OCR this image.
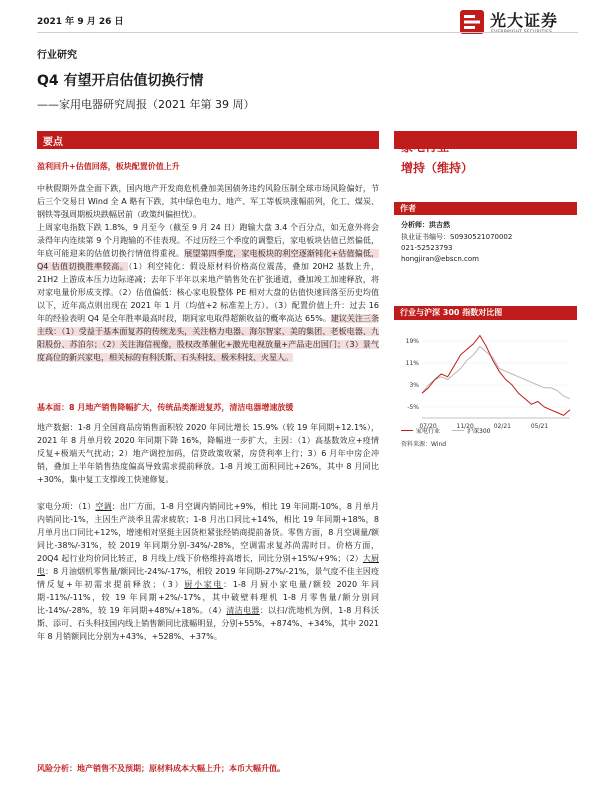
2021 年 9 月 26 日	光大证券
行业研究
Q4 有望开启估值切换行情
——家用电器研究周报（2021 年第 39 周）
要点
盈利回升+估值回落，板块配置价值上升

中秋假期外盘全面下跌，国内地产开发商危机叠加美国债务违约风险压制全球市场风险偏好，节后三个交易日 Wind 全 A 略有下跌，其中绿色电力、地产、军工等板块涨幅前列，化工、煤炭、钢铁等强周期板块跌幅居前（政策纠偏担忧）。

上周家电指数下跌 1.8%，9 月至今（截至 9 月 24 日）跑输大盘 3.4 个百分点，如无意外将会录得年内连续第 9 个月跑输的不佳表现。不过历经三个季度的调整后，家电板块估值已然偏低，年底可能迎来的估值切换行情值得重视。展望第四季度，家电板块的利空逐渐钝化+估值偏低，Q4 估值切换胜率较高。（1）利空钝化：假设原材料价格高位震荡，叠加 20H2 基数上升，21H2 上游成本压力边际递减；去年下半年以来地产销售处在扩张通道，叠加竣工加速释放，将对家电量价形成支撑。（2）估值偏低：核心家电股整体 PE 相对大盘的估值快速回落至历史均值以下，近年高点则出现在 2021 年 1 月（均值+2 标准差上方）。（3）配置价值上升：过去 16 年的经验表明 Q4 是全年胜率最高时段，期间家电取得超额收益的概率高达 65%。建议关注三条主线：（1）受益于基本面复苏的传统龙头，关注格力电器、海尔智家、美的集团、老板电器、九阳股份、苏泊尔；（2）关注海信视像，股权改革催化+激光电视放量+产品走出国门；（3）景气度高位的新兴家电，相关标的有科沃斯、石头科技、极米科技、火星人。

基本面：8 月地产销售降幅扩大，传统品类渐进复苏，清洁电器增速放缓

地产数据：1-8 月全国商品房销售面积较 2020 年同比增长 15.9%（较 19 年同期+12.1%），2021 年 8 月单月较 2020 年同期下降 16%，降幅进一步扩大，主因：（1）高基数效应+疫情反复+极端天气扰动；2）地产调控加码，信贷政策收紧，房贷利率上行；3）6 月年中房企冲销，叠加上半年销售热度偏高导致需求提前释放。1-8 月竣工面积同比+26%，其中 8 月同比+30%，集中复工支撑竣工快速修复。

家电分项：（1）空调：出厂方面，1-8 月空调内销同比+9%，相比 19 年同期-10%，8 月单月内销同比-1%，主因生产淡季且需求疲软；1-8 月出口同比+14%，相比 19 年同期+18%，8 月单月出口同比+12%，增速相对坚挺主因货柜紧张经销商提前备货。零售方面，8 月空调量/额同比-38%/-31%，较 2019 年同期分别-34%/-28%，空调需求复苏尚需时日。价格方面，20Q4 起行业均价同比转正，8 月线上/线下价格维持高增长，同比分别+15%/+9%；（2）大厨电：8 月油烟机零售量/额同比-24%/-17%，相较 2019 年同期-27%/-21%，景气度不佳主因疫情反复+年初需求提前释放；（3）厨小家电：1-8 月厨小家电量/额较 2020 年同期-11%/-11%，较 19 年同期+2%/-17%，其中破壁料理机 1-8 月零售量/额分别同比-14%/-28%，较 19 年同期+48%/+18%。（4）清洁电器：以扫/洗地机为例，1-8 月科沃斯、添可、石头科技国内线上销售额同比涨幅明显，分别+55%、+874%、+34%，其中 2021 年 8 月销额同比分别为+43%、+528%、+37%。

风险分析：地产销售不及预期；原材料成本大幅上升；本币大幅升值。
家电行业
增持（维持）
作者
分析师：洪吉然
执业证书编号：S0930521070002
021-52523793
hongjiran@ebscn.com
行业与沪深 300 指数对比图
19%
11%
3%
-5%
07/20	11/20	02/21	05/21
家电行业	沪深300
资料来源：Wind
